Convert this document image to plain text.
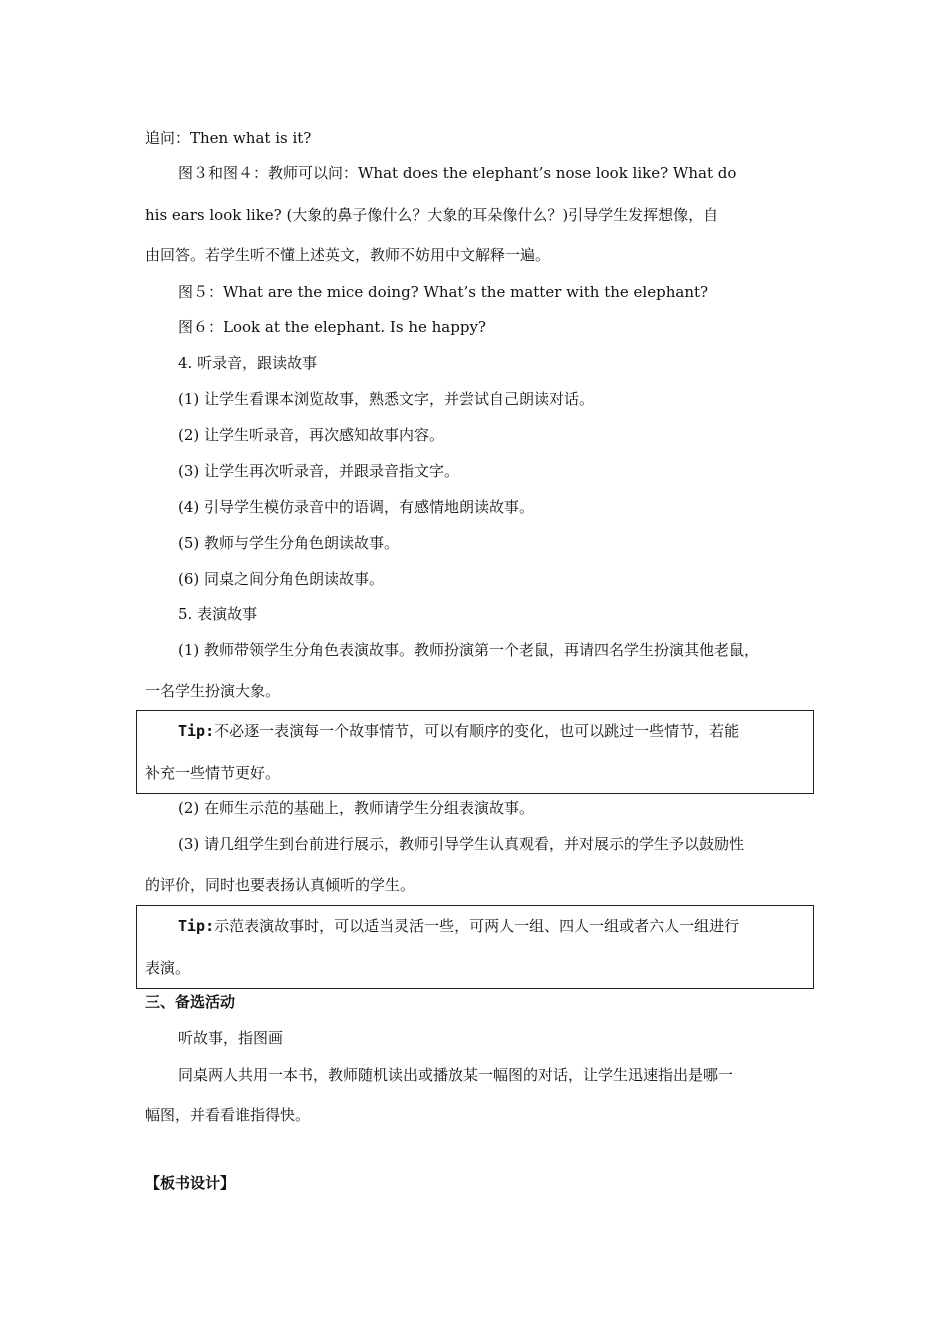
追问：Then what is it?
图３和图４：教师可以问：What does the elephant’s nose look like? What do
his ears look like? (大象的鼻子像什么？大象的耳朵像什么？)引导学生发挥想像，自
由回答。若学生听不懂上述英文，教师不妨用中文解释一遍。
图５：What are the mice doing? What’s the matter with the elephant?
图６：Look at the elephant. Is he happy?
4. 听录音，跟读故事
(1) 让学生看课本浏览故事，熟悉文字，并尝试自己朗读对话。
(2) 让学生听录音，再次感知故事内容。
(3) 让学生再次听录音，并跟录音指文字。
(4) 引导学生模仿录音中的语调，有感情地朗读故事。
(5) 教师与学生分角色朗读故事。
(6) 同桌之间分角色朗读故事。
5. 表演故事
(1) 教师带领学生分角色表演故事。教师扮演第一个老鼠，再请四名学生扮演其他老鼠，
一名学生扮演大象。
Tip:不必逐一表演每一个故事情节，可以有顺序的变化，也可以跳过一些情节，若能
补充一些情节更好。
(2) 在师生示范的基础上，教师请学生分组表演故事。
(3) 请几组学生到台前进行展示，教师引导学生认真观看，并对展示的学生予以鼓励性
的评价，同时也要表扬认真倾听的学生。
Tip:示范表演故事时，可以适当灵活一些，可两人一组、四人一组或者六人一组进行
表演。
三、备选活动
听故事，指图画
同桌两人共用一本书，教师随机读出或播放某一幅图的对话，让学生迅速指出是哪一
幅图，并看看谁指得快。
【板书设计】
